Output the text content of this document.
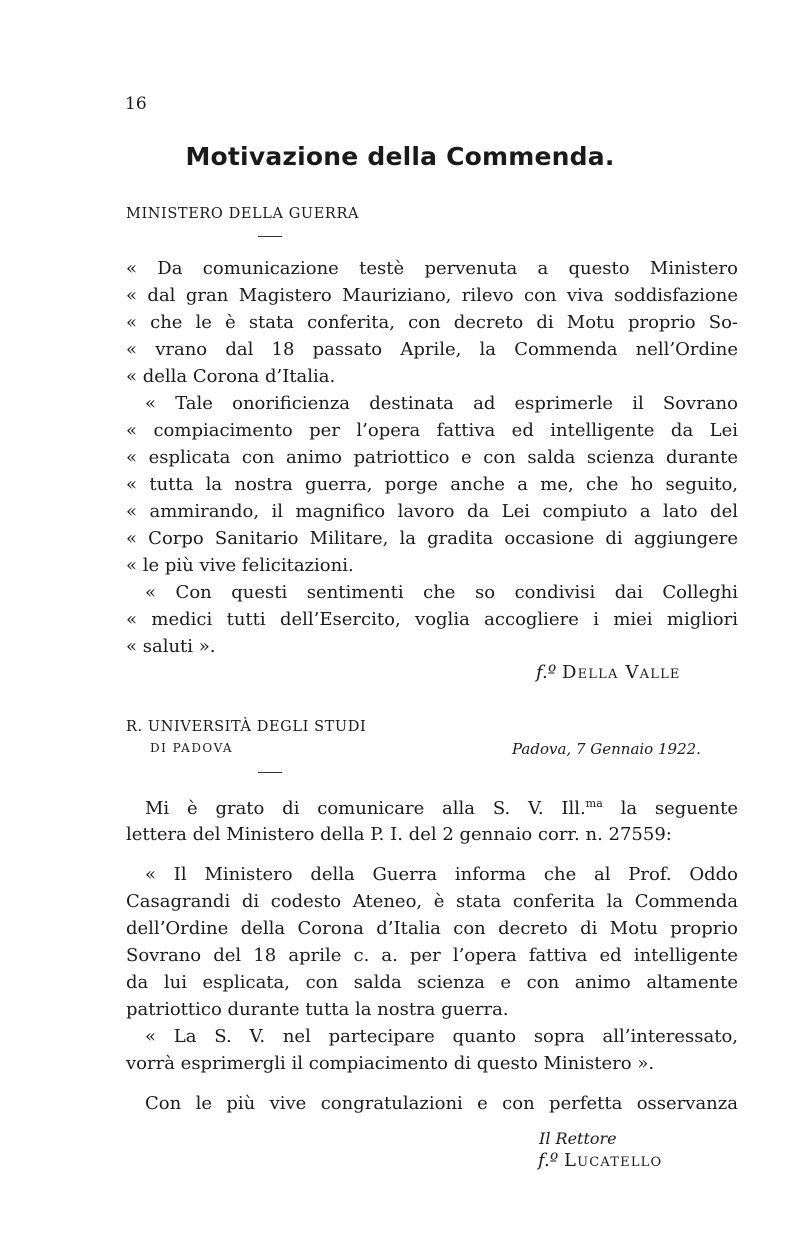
16
Motivazione della Commenda.
MINISTERO DELLA GUERRA
« Da comunicazione testè pervenuta a questo Ministero
« dal gran Magistero Mauriziano, rilevo con viva soddisfazione
« che le è stata conferita, con decreto di Motu proprio So-
« vrano dal 18 passato Aprile, la Commenda nell’Ordine
« della Corona d’Italia.
« Tale onorificienza destinata ad esprimerle il Sovrano
« compiacimento per l’opera fattiva ed intelligente da Lei
« esplicata con animo patriottico e con salda scienza durante
« tutta la nostra guerra, porge anche a me, che ho seguito,
« ammirando, il magnifico lavoro da Lei compiuto a lato del
« Corpo Sanitario Militare, la gradita occasione di aggiungere
« le più vive felicitazioni.
« Con questi sentimenti che so condivisi dai Colleghi
« medici tutti dell’Esercito, voglia accogliere i miei migliori
« saluti ».
f.º Della Valle
R. UNIVERSITÀ DEGLI STUDI
DI PADOVA	Padova, 7 Gennaio 1922.
Mi è grato di comunicare alla S. V. Ill.$^{ma}$ la seguente
lettera del Ministero della P. I. del 2 gennaio corr. n. 27559:
« Il Ministero della Guerra informa che al Prof. Oddo
Casagrandi di codesto Ateneo, è stata conferita la Commenda
dell’Ordine della Corona d’Italia con decreto di Motu proprio
Sovrano del 18 aprile c. a. per l’opera fattiva ed intelligente
da lui esplicata, con salda scienza e con animo altamente
patriottico durante tutta la nostra guerra.
« La S. V. nel partecipare quanto sopra all’interessato,
vorrà esprimergli il compiacimento di questo Ministero ».
Con le più vive congratulazioni e con perfetta osservanza
Il Rettore
f.º Lucatello
